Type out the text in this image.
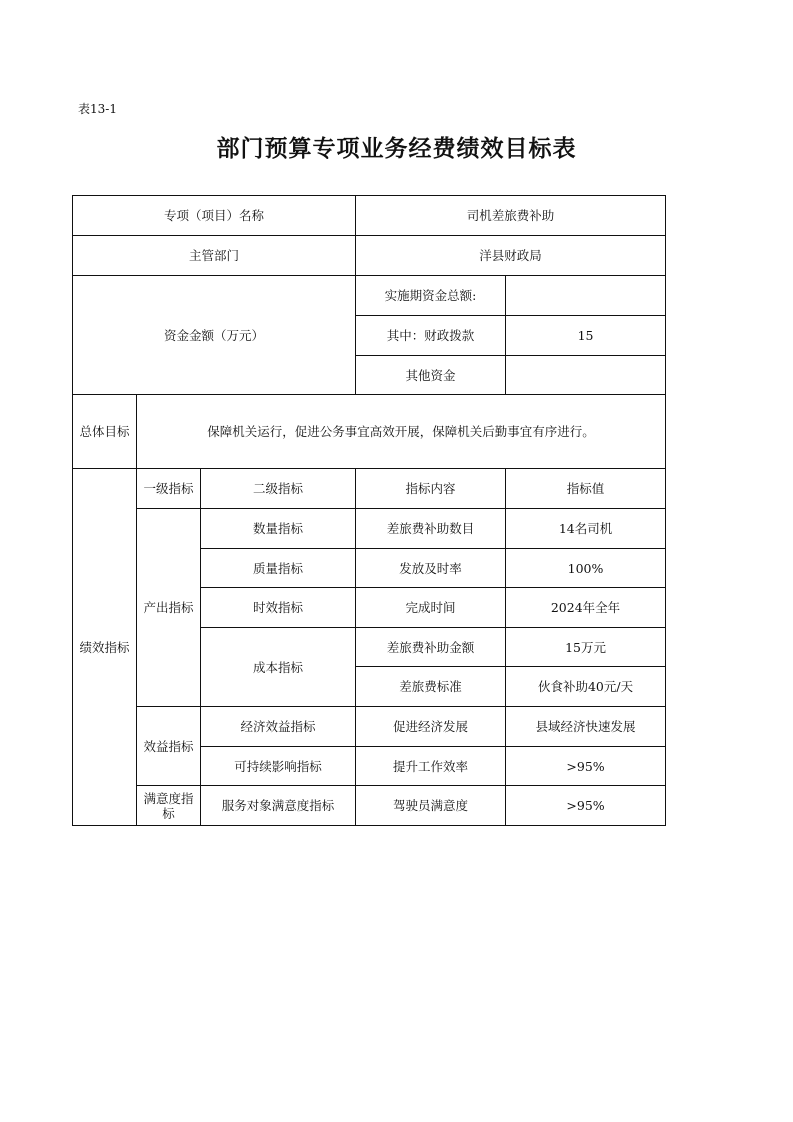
表13-1
部门预算专项业务经费绩效目标表
专项（项目）名称			司机差旅费补助	
主管部门			洋县财政局	
资金金额（万元）			实施期资金总额:	
			其中：财政拨款	15
			其他资金	
总体目标	保障机关运行，促进公务事宜高效开展，保障机关后勤事宜有序进行。			
绩效指标	一级指标	二级指标	指标内容	指标值
	产出指标	数量指标	差旅费补助数目	14名司机
		质量指标	发放及时率	100%
		时效指标	完成时间	2024年全年
		成本指标	差旅费补助金额	15万元
			差旅费标准	伙食补助40元/天
	效益指标	经济效益指标	促进经济发展	县域经济快速发展
		可持续影响指标	提升工作效率	>95%
	满意度指标	服务对象满意度指标	驾驶员满意度	>95%
